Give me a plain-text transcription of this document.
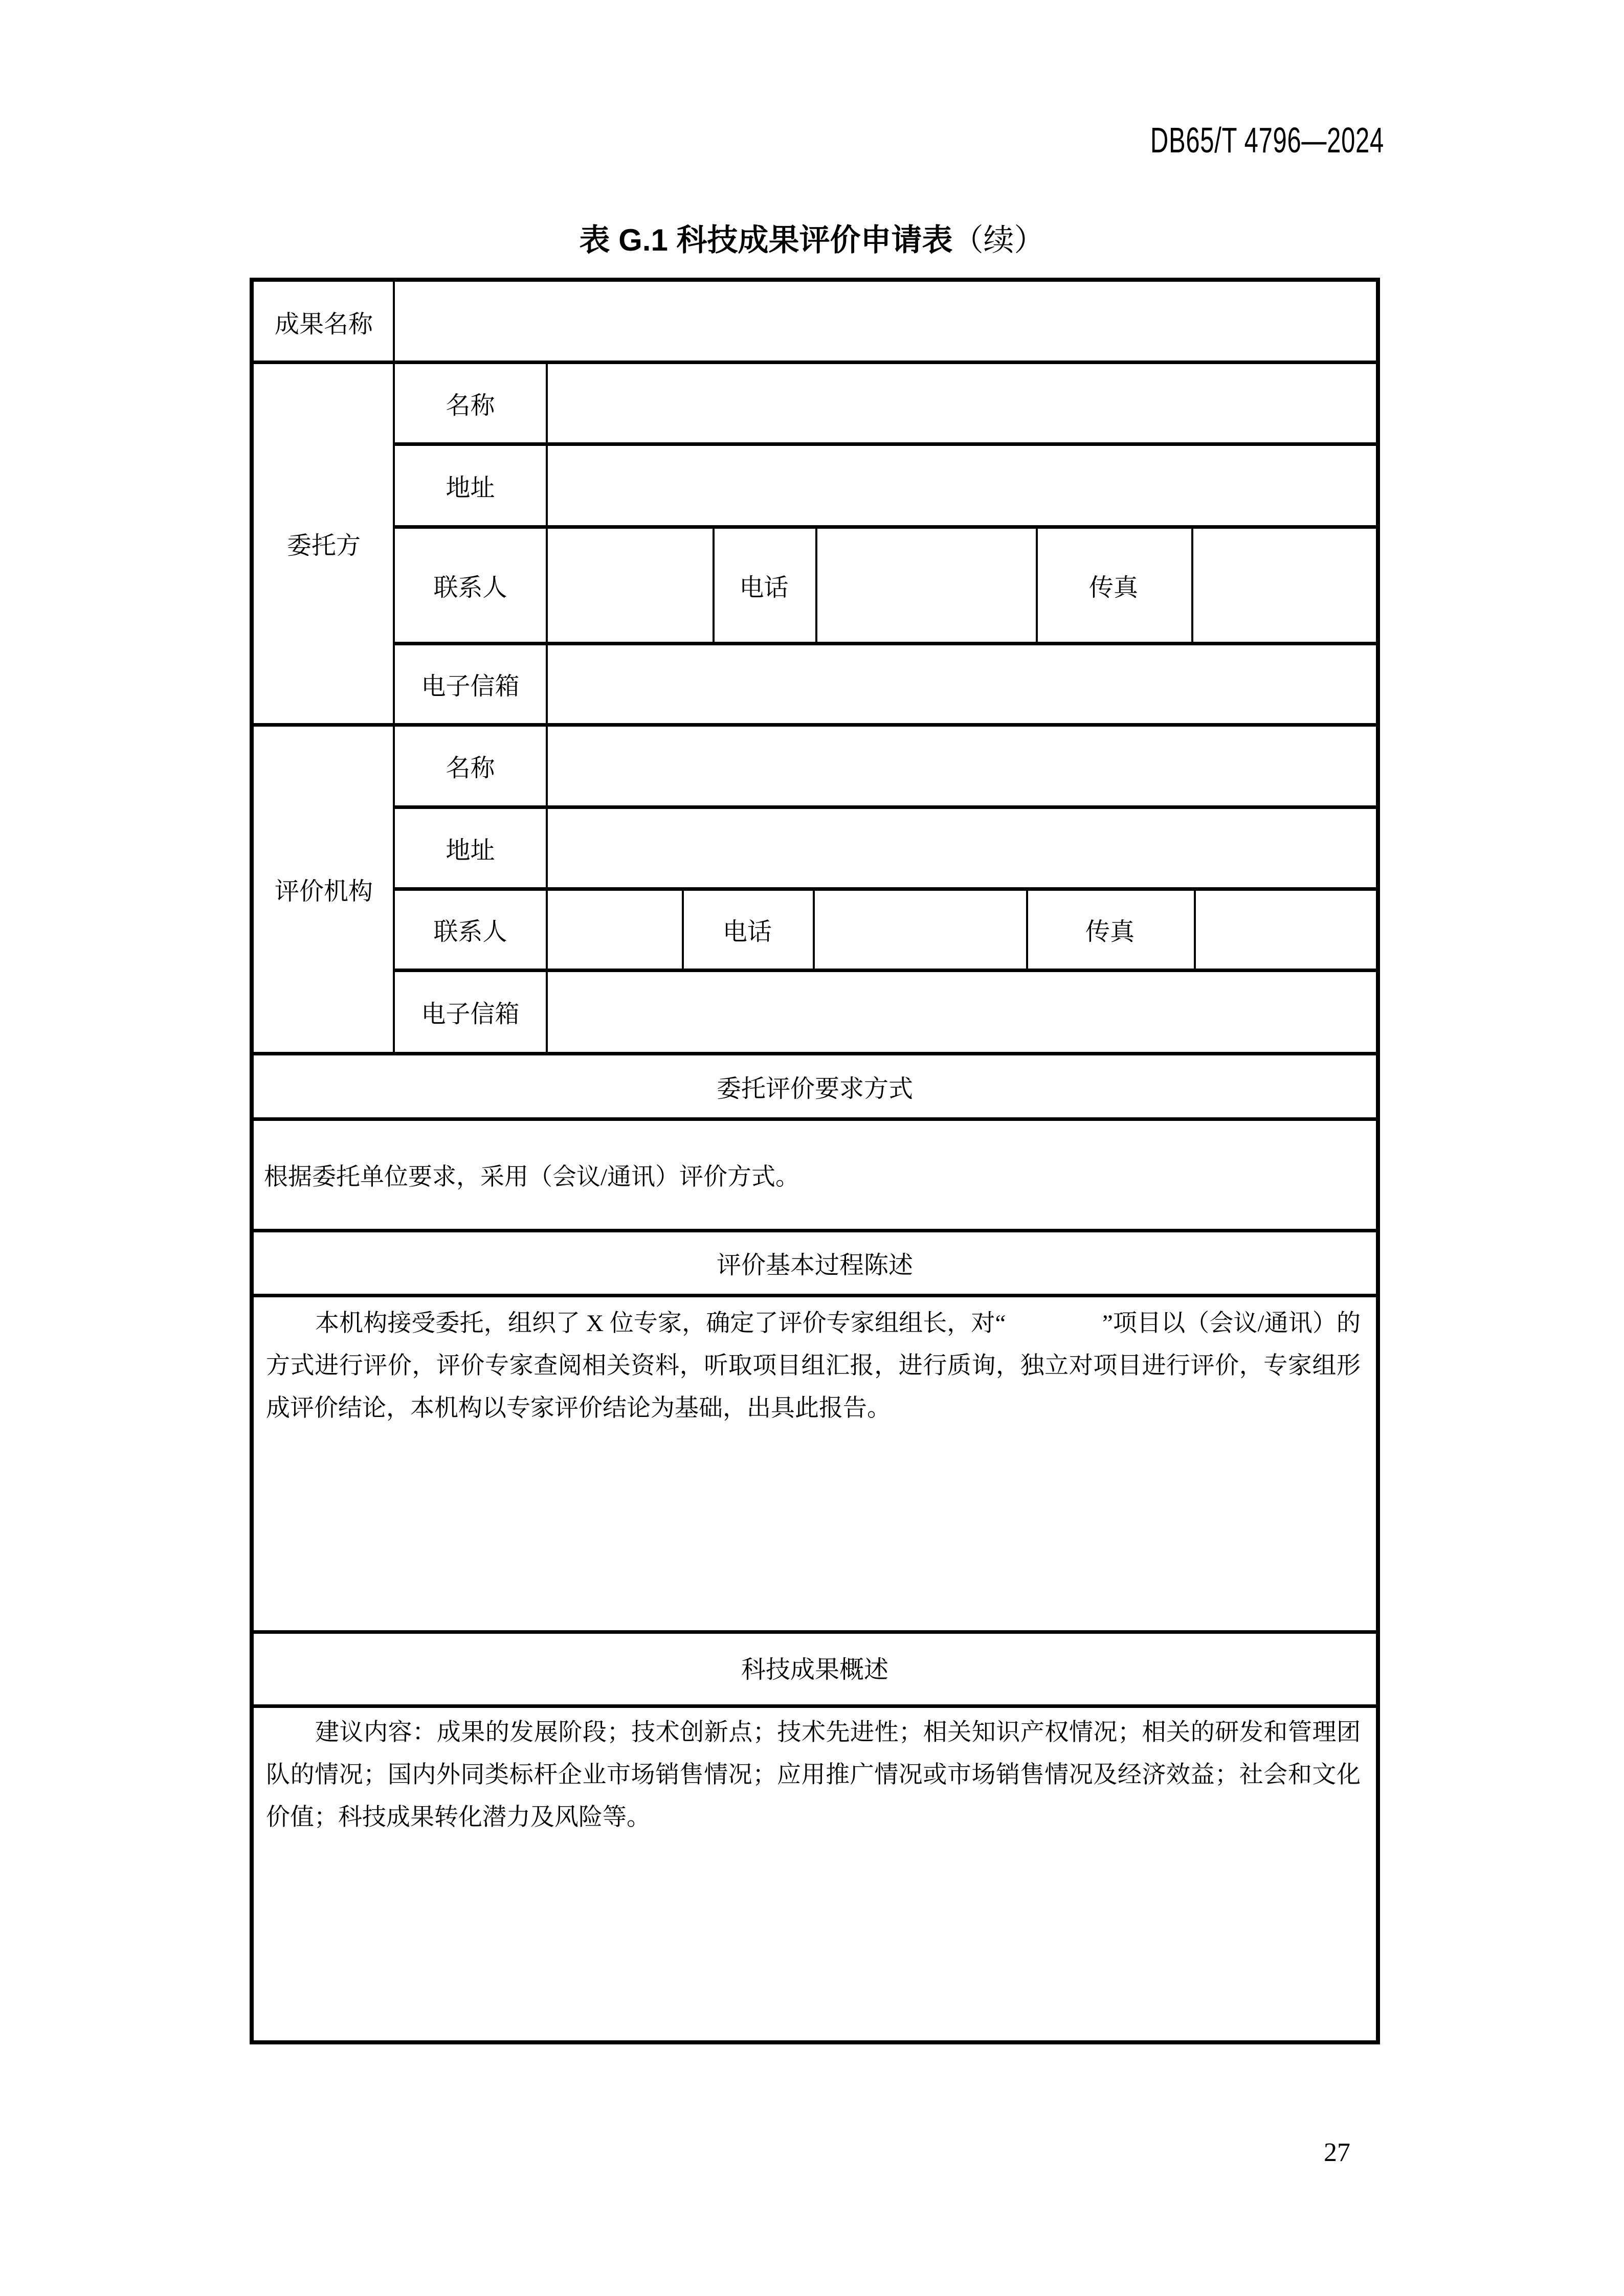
DB65/T 4796—2024
表 G.1 科技成果评价申请表（续）
成果名称
委托方
名称
地址
联系人	电话	传真
电子信箱
评价机构
名称
地址
联系人	电话	传真
电子信箱
委托评价要求方式
根据委托单位要求，采用（会议/通讯）评价方式。
评价基本过程陈述
本机构接受委托，组织了 X 位专家，确定了评价专家组组长，对“　　　　”项目以（会议/通讯）的方式进行评价，评价专家查阅相关资料，听取项目组汇报，进行质询，独立对项目进行评价，专家组形成评价结论，本机构以专家评价结论为基础，出具此报告。
科技成果概述
建议内容：成果的发展阶段；技术创新点；技术先进性；相关知识产权情况；相关的研发和管理团队的情况；国内外同类标杆企业市场销售情况；应用推广情况或市场销售情况及经济效益；社会和文化价值；科技成果转化潜力及风险等。
27
